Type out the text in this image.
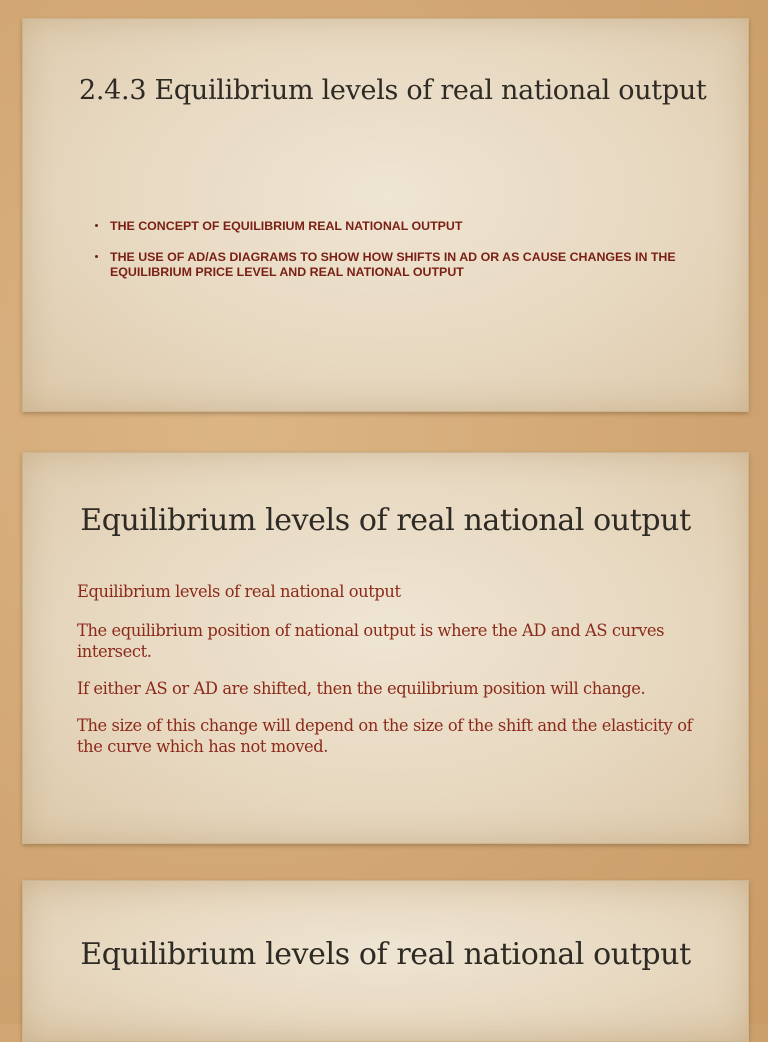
2.4.3 Equilibrium levels of real national output
THE CONCEPT OF EQUILIBRIUM REAL NATIONAL OUTPUT
THE USE OF AD/AS DIAGRAMS TO SHOW HOW SHIFTS IN AD OR AS CAUSE CHANGES IN THE EQUILIBRIUM PRICE LEVEL AND REAL NATIONAL OUTPUT
Equilibrium levels of real national output

Equilibrium levels of real national output

The equilibrium position of national output is where the AD and AS curves intersect.

If either AS or AD are shifted, then the equilibrium position will change.

The size of this change will depend on the size of the shift and the elasticity of the curve which has not moved.

Equilibrium levels of real national output
